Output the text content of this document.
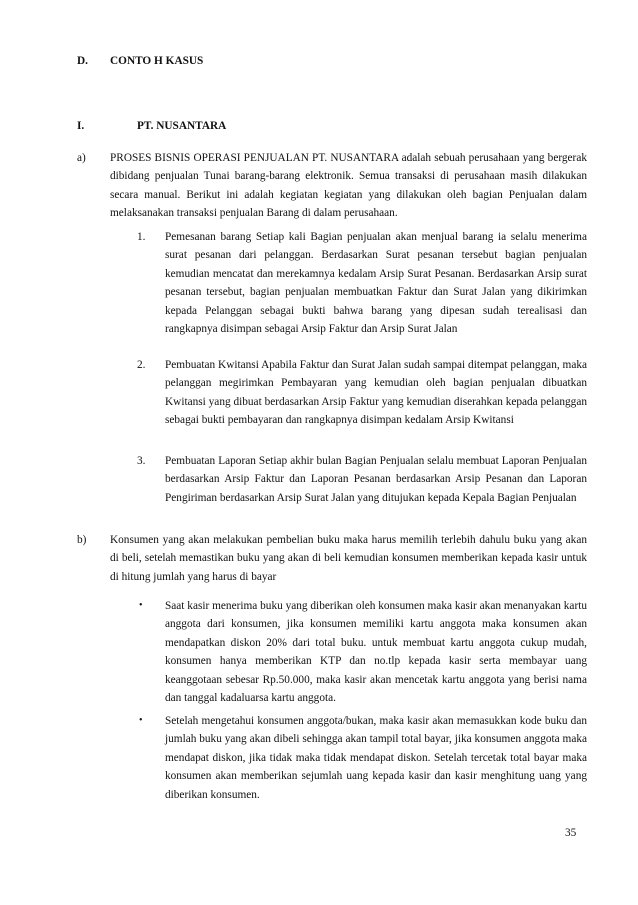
D. CONTO H KASUS
I.	PT. NUSANTARA
a) PROSES BISNIS OPERASI PENJUALAN PT. NUSANTARA adalah sebuah perusahaan yang bergerak dibidang penjualan Tunai barang-barang elektronik. Semua transaksi di perusahaan masih dilakukan secara manual. Berikut ini adalah kegiatan kegiatan yang dilakukan oleh bagian Penjualan dalam melaksanakan transaksi penjualan Barang di dalam perusahaan.
1. Pemesanan barang Setiap kali Bagian penjualan akan menjual barang ia selalu menerima surat pesanan dari pelanggan. Berdasarkan Surat pesanan tersebut bagian penjualan kemudian mencatat dan merekamnya kedalam Arsip Surat Pesanan. Berdasarkan Arsip surat pesanan tersebut, bagian penjualan membuatkan Faktur dan Surat Jalan yang dikirimkan kepada Pelanggan sebagai bukti bahwa barang yang dipesan sudah terealisasi dan rangkapnya disimpan sebagai Arsip Faktur dan Arsip Surat Jalan
2. Pembuatan Kwitansi Apabila Faktur dan Surat Jalan sudah sampai ditempat pelanggan, maka pelanggan megirimkan Pembayaran yang kemudian oleh bagian penjualan dibuatkan Kwitansi yang dibuat berdasarkan Arsip Faktur yang kemudian diserahkan kepada pelanggan sebagai bukti pembayaran dan rangkapnya disimpan kedalam Arsip Kwitansi
3. Pembuatan Laporan Setiap akhir bulan Bagian Penjualan selalu membuat Laporan Penjualan berdasarkan Arsip Faktur dan Laporan Pesanan berdasarkan Arsip Pesanan dan Laporan Pengiriman berdasarkan Arsip Surat Jalan yang ditujukan kepada Kepala Bagian Penjualan
b) Konsumen yang akan melakukan pembelian buku maka harus memilih terlebih dahulu buku yang akan di beli, setelah memastikan buku yang akan di beli kemudian konsumen memberikan kepada kasir untuk di hitung jumlah yang harus di bayar
• Saat kasir menerima buku yang diberikan oleh konsumen maka kasir akan menanyakan kartu anggota dari konsumen, jika konsumen memiliki kartu anggota maka konsumen akan mendapatkan diskon 20% dari total buku. untuk membuat kartu anggota cukup mudah, konsumen hanya memberikan KTP dan no.tlp kepada kasir serta membayar uang keanggotaan sebesar Rp.50.000, maka kasir akan mencetak kartu anggota yang berisi nama dan tanggal kadaluarsa kartu anggota.
• Setelah mengetahui konsumen anggota/bukan, maka kasir akan memasukkan kode buku dan jumlah buku yang akan dibeli sehingga akan tampil total bayar, jika konsumen anggota maka mendapat diskon, jika tidak maka tidak mendapat diskon. Setelah tercetak total bayar maka konsumen akan memberikan sejumlah uang kepada kasir dan kasir menghitung uang yang diberikan konsumen.
35
